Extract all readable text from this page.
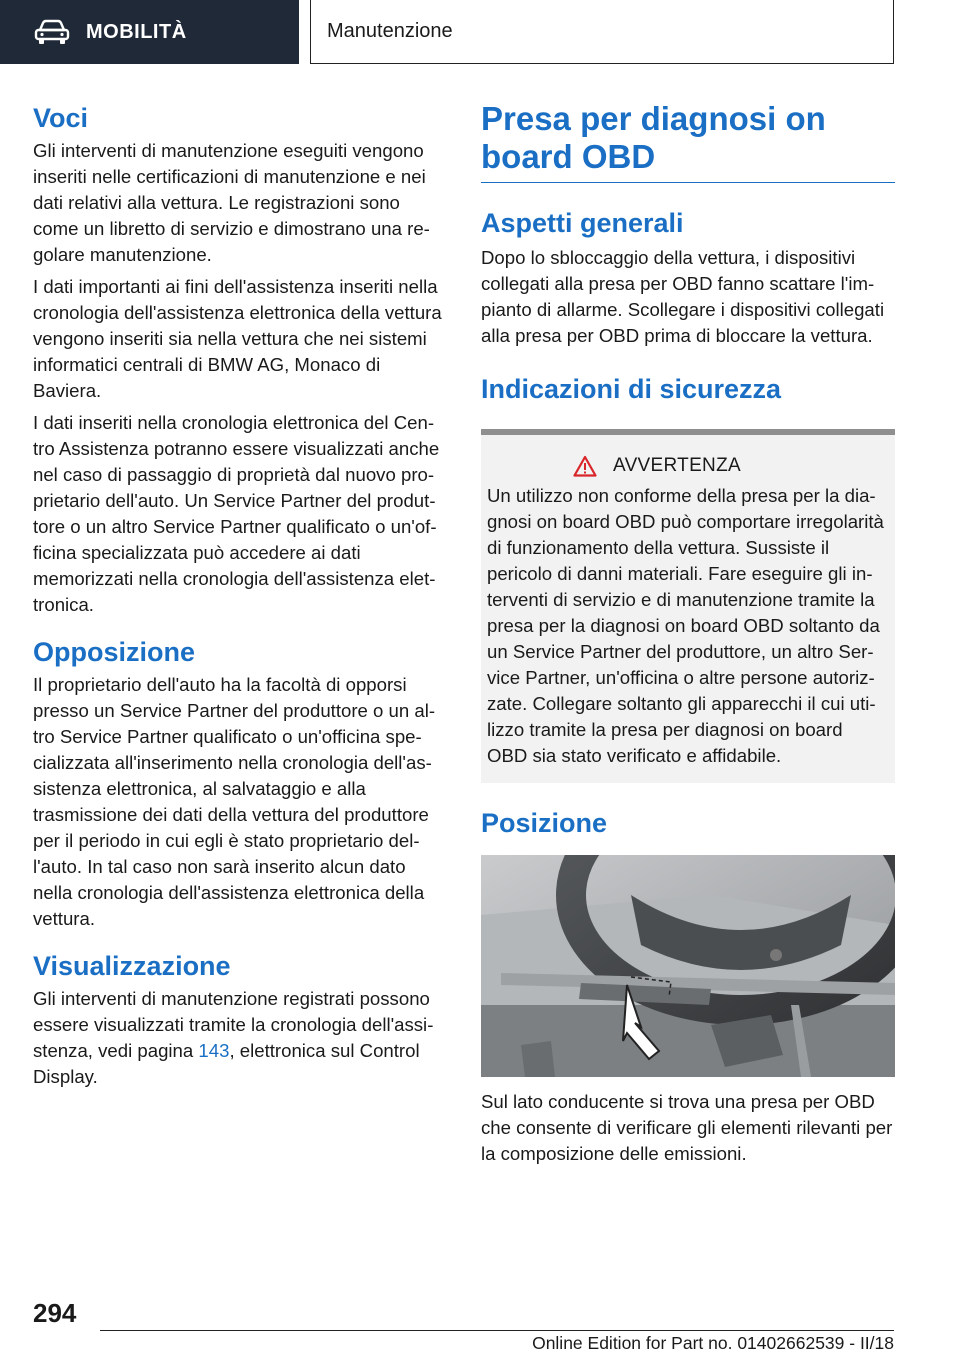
MOBILITÀ	Manutenzione
Voci

Gli interventi di manutenzione eseguiti vengono inseriti nelle certificazioni di manutenzione e nei dati relativi alla vettura. Le registrazioni sono come un libretto di servizio e dimostrano una regolare manutenzione.

I dati importanti ai fini dell'assistenza inseriti nella cronologia dell'assistenza elettronica della vettura vengono inseriti sia nella vettura che nei sistemi informatici centrali di BMW AG, Monaco di Baviera.

I dati inseriti nella cronologia elettronica del Centro Assistenza potranno essere visualizzati anche nel caso di passaggio di proprietà dal nuovo proprietario dell'auto. Un Service Partner del produttore o un altro Service Partner qualificato o un'officina specializzata può accedere ai dati memorizzati nella cronologia dell'assistenza elettronica.

Opposizione

Il proprietario dell'auto ha la facoltà di opporsi presso un Service Partner del produttore o un altro Service Partner qualificato o un'officina specializzata all'inserimento nella cronologia dell'assistenza elettronica, al salvataggio e alla trasmissione dei dati della vettura del produttore per il periodo in cui egli è stato proprietario dell'auto. In tal caso non sarà inserito alcun dato nella cronologia dell'assistenza elettronica della vettura.

Visualizzazione

Gli interventi di manutenzione registrati possono essere visualizzati tramite la cronologia dell'assistenza, vedi pagina 143, elettronica sul Control Display.

Presa per diagnosi on board OBD
Aspetti generali

Dopo lo sbloccaggio della vettura, i dispositivi collegati alla presa per OBD fanno scattare l'impianto di allarme. Scollegare i dispositivi collegati alla presa per OBD prima di bloccare la vettura.

Indicazioni di sicurezza
AVVERTENZA

Un utilizzo non conforme della presa per la diagnosi on board OBD può comportare irregolarità di funzionamento della vettura. Sussiste il pericolo di danni materiali. Fare eseguire gli interventi di servizio e di manutenzione tramite la presa per la diagnosi on board OBD soltanto da un Service Partner del produttore, un altro Service Partner, un'officina o altre persone autorizzate. Collegare soltanto gli apparecchi il cui utilizzo tramite la presa per diagnosi on board OBD sia stato verificato e affidabile.

Posizione

Sul lato conducente si trova una presa per OBD che consente di verificare gli elementi rilevanti per la composizione delle emissioni.

294
Online Edition for Part no. 01402662539 - II/18
